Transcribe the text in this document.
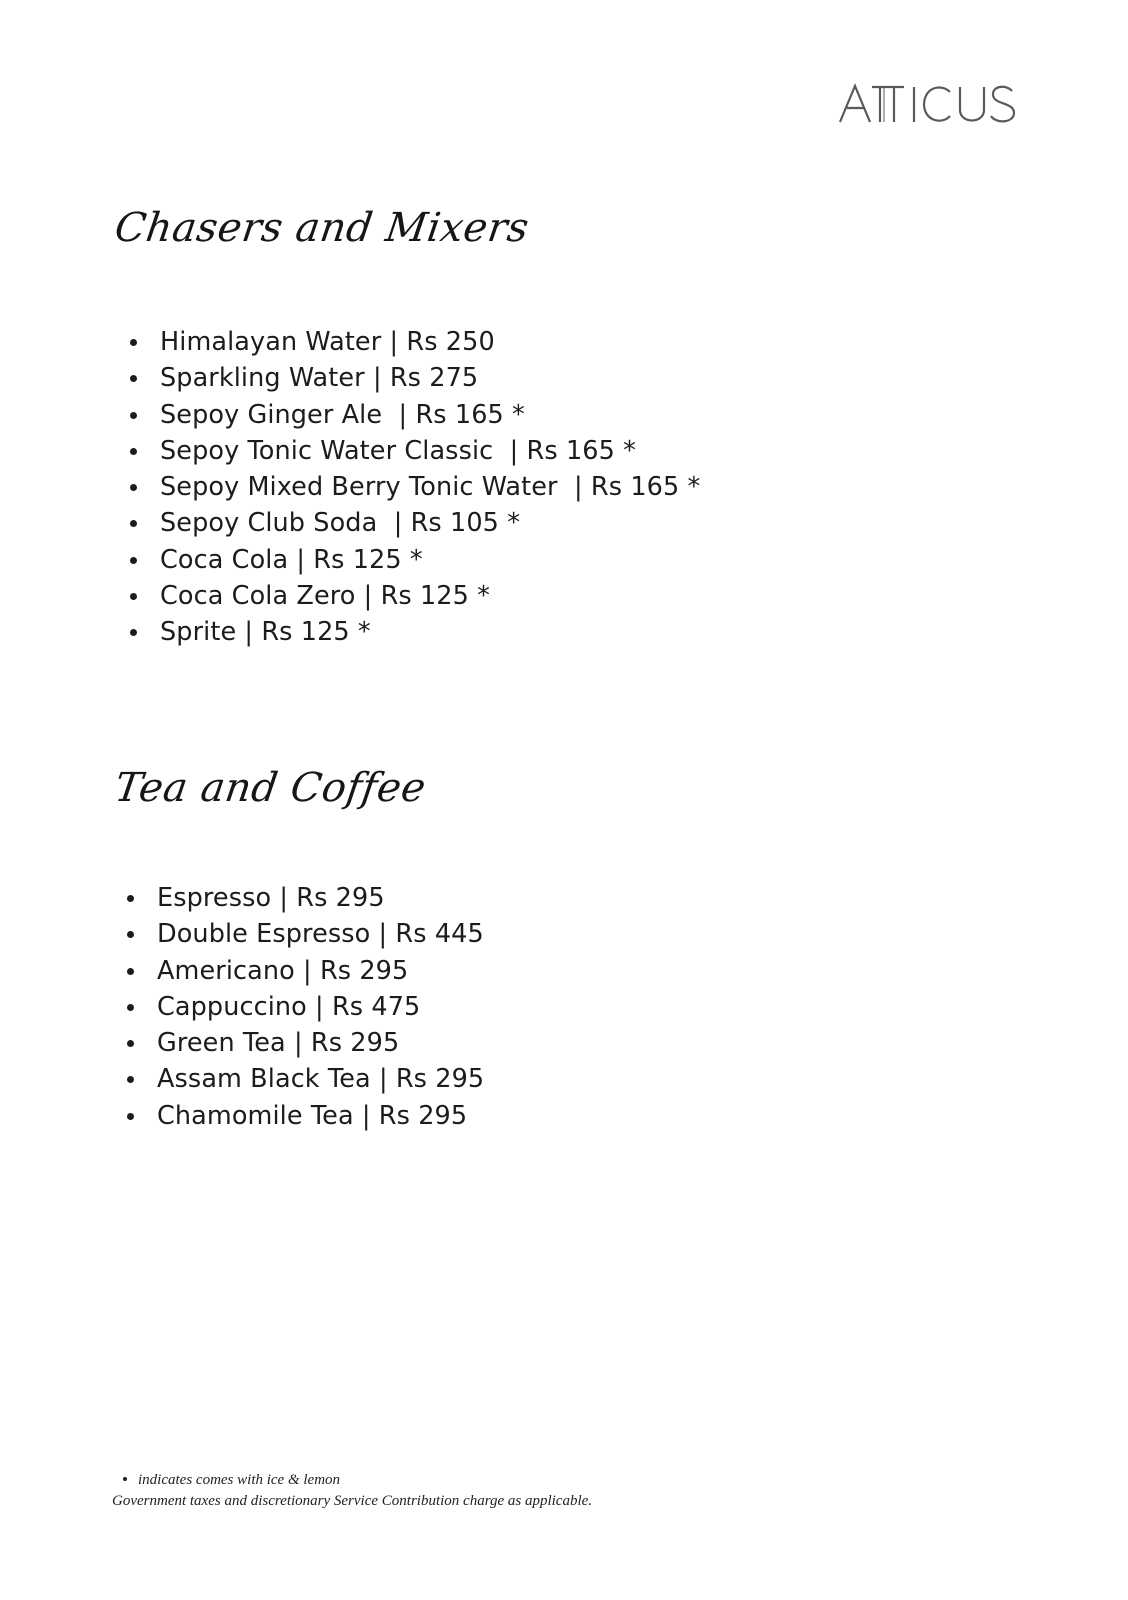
Chasers and Mixers
Himalayan Water | Rs 250
Sparkling Water | Rs 275
Sepoy Ginger Ale  | Rs 165 *
Sepoy Tonic Water Classic  | Rs 165 *
Sepoy Mixed Berry Tonic Water  | Rs 165 *
Sepoy Club Soda  | Rs 105 *
Coca Cola | Rs 125 *
Coca Cola Zero | Rs 125 *
Sprite | Rs 125 *
Tea and Coffee
Espresso | Rs 295
Double Espresso | Rs 445
Americano | Rs 295
Cappuccino | Rs 475
Green Tea | Rs 295
Assam Black Tea | Rs 295
Chamomile Tea | Rs 295

indicates comes with ice & lemon

Government taxes and discretionary Service Contribution charge as applicable.
